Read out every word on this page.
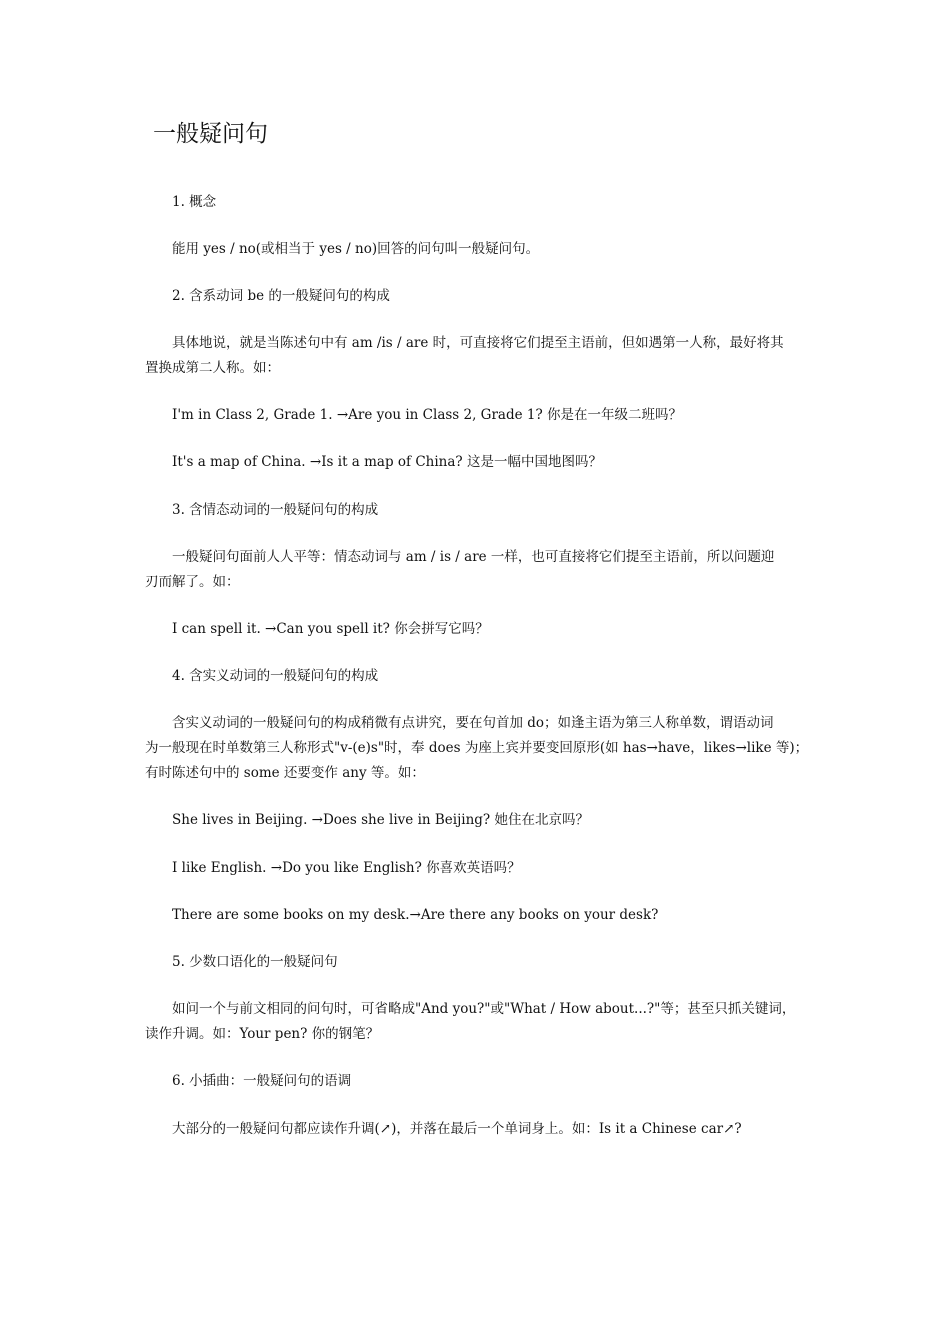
一般疑问句

1. 概念

能用 yes / no(或相当于 yes / no)回答的问句叫一般疑问句。

2. 含系动词 be 的一般疑问句的构成

具体地说，就是当陈述句中有 am /is / are 时，可直接将它们提至主语前，但如遇第一人称，最好将其

置换成第二人称。如：

I'm in Class 2, Grade 1. →Are you in Class 2, Grade 1? 你是在一年级二班吗？

It's a map of China. →Is it a map of China? 这是一幅中国地图吗？

3. 含情态动词的一般疑问句的构成

一般疑问句面前人人平等：情态动词与 am / is / are 一样，也可直接将它们提至主语前，所以问题迎

刃而解了。如：

I can spell it. →Can you spell it? 你会拼写它吗？

4. 含实义动词的一般疑问句的构成

含实义动词的一般疑问句的构成稍微有点讲究，要在句首加 do；如逢主语为第三人称单数，谓语动词

为一般现在时单数第三人称形式"v-(e)s"时，奉 does 为座上宾并要变回原形(如 has→have，likes→like 等)；

有时陈述句中的 some 还要变作 any 等。如：

She lives in Beijing. →Does she live in Beijing? 她住在北京吗？

I like English. →Do you like English? 你喜欢英语吗？

There are some books on my desk.→Are there any books on your desk?

5. 少数口语化的一般疑问句

如问一个与前文相同的问句时，可省略成"And you?"或"What / How about...?"等；甚至只抓关键词，

读作升调。如：Your pen? 你的钢笔？

6. 小插曲：一般疑问句的语调

大部分的一般疑问句都应读作升调(↗)，并落在最后一个单词身上。如：Is it a Chinese car↗?
